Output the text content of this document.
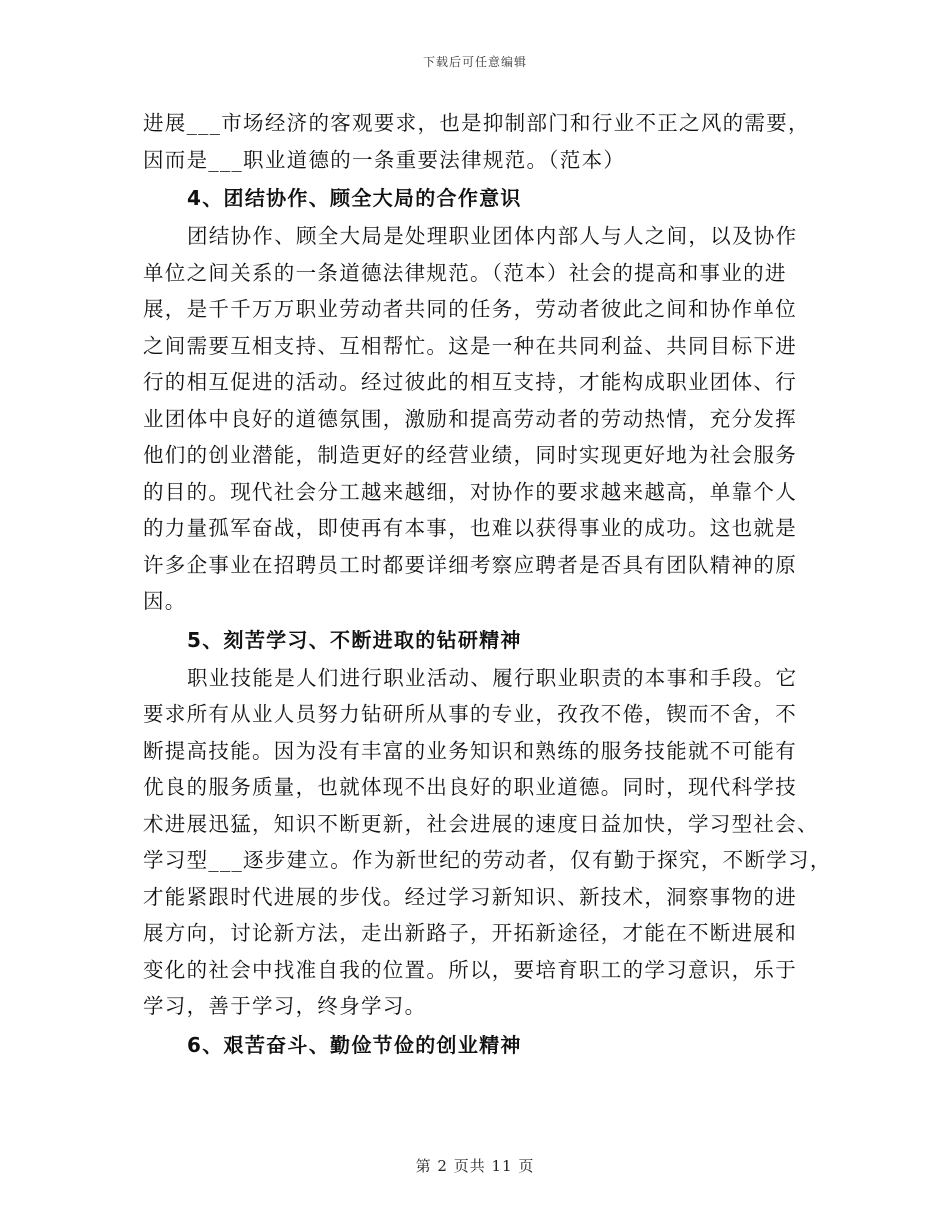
下载后可任意编辑
进展___市场经济的客观要求，也是抑制部门和行业不正之风的需要，
因而是___职业道德的一条重要法律规范。（范本）
4、团结协作、顾全大局的合作意识
团结协作、顾全大局是处理职业团体内部人与人之间，以及协作
单位之间关系的一条道德法律规范。（范本）社会的提高和事业的进
展，是千千万万职业劳动者共同的任务，劳动者彼此之间和协作单位
之间需要互相支持、互相帮忙。这是一种在共同利益、共同目标下进
行的相互促进的活动。经过彼此的相互支持，才能构成职业团体、行
业团体中良好的道德氛围，激励和提高劳动者的劳动热情，充分发挥
他们的创业潜能，制造更好的经营业绩，同时实现更好地为社会服务
的目的。现代社会分工越来越细，对协作的要求越来越高，单靠个人
的力量孤军奋战，即使再有本事，也难以获得事业的成功。这也就是
许多企事业在招聘员工时都要详细考察应聘者是否具有团队精神的原
因。
5、刻苦学习、不断进取的钻研精神
职业技能是人们进行职业活动、履行职业职责的本事和手段。它
要求所有从业人员努力钻研所从事的专业，孜孜不倦，锲而不舍，不
断提高技能。因为没有丰富的业务知识和熟练的服务技能就不可能有
优良的服务质量，也就体现不出良好的职业道德。同时，现代科学技
术进展迅猛，知识不断更新，社会进展的速度日益加快，学习型社会、
学习型___逐步建立。作为新世纪的劳动者，仅有勤于探究，不断学习，
才能紧跟时代进展的步伐。经过学习新知识、新技术，洞察事物的进
展方向，讨论新方法，走出新路子，开拓新途径，才能在不断进展和
变化的社会中找准自我的位置。所以，要培育职工的学习意识，乐于
学习，善于学习，终身学习。
6、艰苦奋斗、勤俭节俭的创业精神
第 2 页共 11 页
